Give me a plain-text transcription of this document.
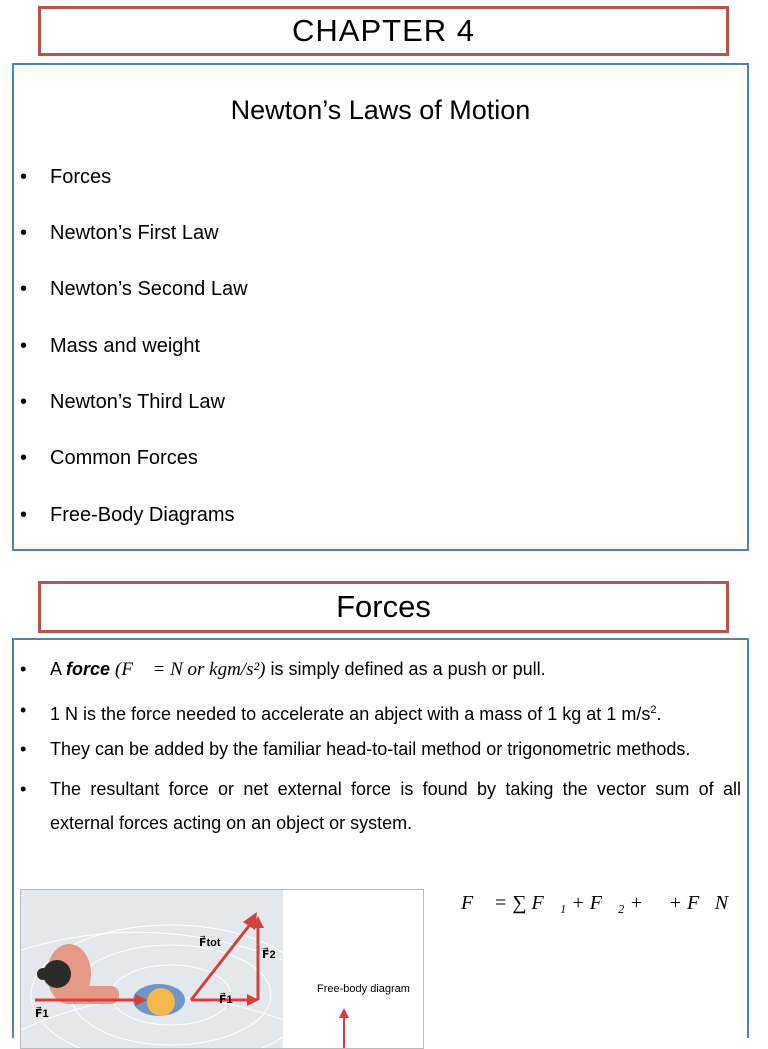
CHAPTER 4
Newton’s Laws of Motion
•	Forces
•	Newton’s First Law
•	Newton’s Second Law
•	Mass and weight
•	Newton’s Third Law
•	Common Forces
•	Free-Body Diagrams
Forces
•	A force (F⃗ = N or kgm/s²) is simply defined as a push or pull.
•	1 N is the force needed to accelerate an abject with a mass of 1 kg at 1 $m/s^2$.
•	They can be added by the familiar head-to-tail method or trigonometric methods.
•	The resultant force or net external force is found by taking the vector sum of all external forces acting on an object or system.
F⃗tot
F⃗2
F⃗1
F⃗1
Free-body diagram
F⃗ = ∑ F⃗₁ + F⃗₂ + ⋯ + F⃗N
